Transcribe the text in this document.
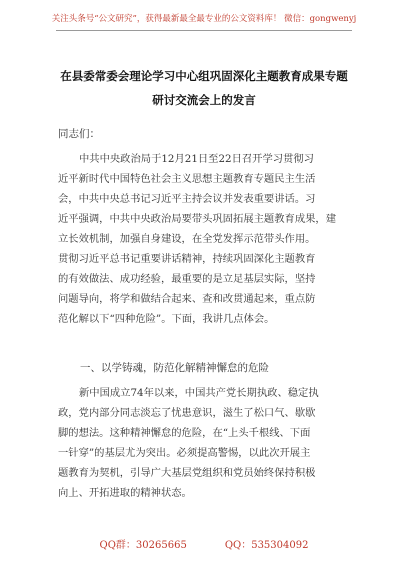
关注头条号“公文研究”，获得最新最全最专业的公文资料库！ 微信：gongwenyj
在县委常委会理论学习中心组巩固深化主题教育成果专题
研讨交流会上的发言
同志们：

中共中央政治局于12月21日至22日召开学习贯彻习
近平新时代中国特色社会主义思想主题教育专题民主生活
会，中共中央总书记习近平主持会议并发表重要讲话。习
近平强调，中共中央政治局要带头巩固拓展主题教育成果，建
立长效机制，加强自身建设，在全党发挥示范带头作用。
贯彻习近平总书记重要讲话精神，持续巩固深化主题教育
的有效做法、成功经验，最重要的是立足基层实际，坚持
问题导向，将学和做结合起来、查和改贯通起来，重点防
范化解以下“四种危险”。下面，我讲几点体会。

一、以学铸魂，防范化解精神懈怠的危险

新中国成立74年以来，中国共产党长期执政、稳定执
政，党内部分同志淡忘了忧患意识，滋生了松口气、歇歇
脚的想法。这种精神懈怠的危险，在“上头千根线、下面
一针穿”的基层尤为突出。必须提高警惕，以此次开展主
题教育为契机，引导广大基层党组织和党员始终保持积极
向上、开拓进取的精神状态。

QQ群：30265665	QQ：535304092
